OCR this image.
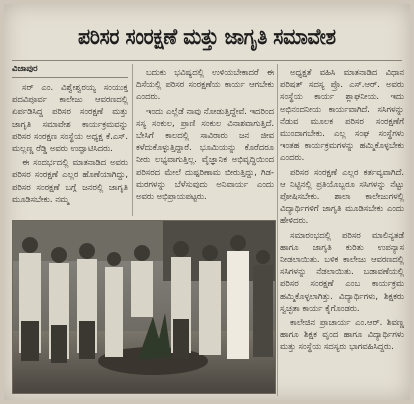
ಪರಿಸರ ಸಂರಕ್ಷಣೆ ಮತ್ತು ಜಾಗೃತಿ ಸಮಾವೇಶ
ವಿಜಾಪುರ

ಸರ್ ಎಂ. ವಿಶ್ವೇಶ್ವರಯ್ಯ ಸಂಯುಕ್ತ ಪದವಿಪೂರ್ವ ಕಾಲೇಜು ಆವರಣದಲ್ಲಿ ಏರ್ಪಡಿಸಿದ್ದ ಪರಿಸರ ಸಂರಕ್ಷಣೆ ಮತ್ತು ಜಾಗೃತಿ ಸಮಾವೇಶ ಕಾರ್ಯಕ್ರಮವನ್ನು ಪರಿಸರ ಸಂರಕ್ಷಣ ಸಂಸ್ಥೆಯ ಅಧ್ಯಕ್ಷ ಕೆ.ಎಸ್. ಮಲ್ಲಣ್ಣ ರೆಡ್ಡಿ ಅವರು ಉದ್ಘಾಟಿಸಿದರು.

ಈ ಸಂದರ್ಭದಲ್ಲಿ ಮಾತನಾಡಿದ ಅವರು ಪರಿಸರ ಸಂರಕ್ಷಣೆ ಎಲ್ಲರ ಹೊಣೆಯಾಗಿದ್ದು, ಪರಿಸರ ಸಂರಕ್ಷಣೆ ಬಗ್ಗೆ ಜನರಲ್ಲಿ ಜಾಗೃತಿ ಮೂಡಿಸಬೇಕು. ನಮ್ಮ

ಬದುಕು ಭವಿಷ್ಯದಲ್ಲಿ ಉಳಿಯಬೇಕಾದರೆ ಈ ದಿಸೆಯಲ್ಲಿ ಪರಿಸರ ಸಂರಕ್ಷಣೆಯ ಕಾರ್ಯ ಆಗಬೇಕು ಎಂದರು.

ಇಂದು ಎಲ್ಲೆಡೆ ನಾವು ನೋಡುತ್ತಿದ್ದೇವೆ. ಇದರಿಂದ ಸಸ್ಯ ಸಂಕುಲ, ಪ್ರಾಣಿ ಸಂಕುಲ ವಿನಾಶವಾಗುತ್ತಿದೆ. ಬೇಸಿಗೆ ಕಾಲದಲ್ಲಿ ಸಾವಿರಾರು ಜನ ಜೀವ ಕಳೆದುಕೊಳ್ಳುತ್ತಿದ್ದಾರೆ. ಭೂಮಿಯನ್ನು ಕೊರೆದರೂ ನೀರು ಲಭ್ಯವಾಗುತ್ತಿಲ್ಲ. ವೈಜ್ಞಾನಿಕ ಅಭಿವೃದ್ಧಿಯಿಂದ ಪರಿಸರದ ಮೇಲೆ ದುಷ್ಪರಿಣಾಮ ಬೀರುತ್ತಿದ್ದು, ಗಿಡ-ಮರಗಳನ್ನು ಬೆಳೆಸುವುದು ಅನಿವಾರ್ಯ ಎಂದು ಅವರು ಅಭಿಪ್ರಾಯಪಟ್ಟರು.

ಅಧ್ಯಕ್ಷತೆ ವಹಿಸಿ ಮಾತನಾಡಿದ ವಿಧಾನ ಪರಿಷತ್ ಸದಸ್ಯ ಪ್ರೊ. ಎಸ್.ಆರ್. ಅವರು ಸಂಸ್ಥೆಯ ಕಾರ್ಯ ಶ್ಲಾಘನೀಯ. ಇದು ಅಭಿನಂದನೀಯ ಕಾರ್ಯವಾಗಿದೆ. ಸಸಿಗಳನ್ನು ನೆಡುವ ಮೂಲಕ ಪರಿಸರ ಸಂರಕ್ಷಣೆಗೆ ಮುಂದಾಗಬೇಕು. ಎಲ್ಲ ಸಂಘ ಸಂಸ್ಥೆಗಳು ಇಂತಹ ಕಾರ್ಯಕ್ರಮಗಳನ್ನು ಹಮ್ಮಿಕೊಳ್ಳಬೇಕು ಎಂದರು.

ಪರಿಸರ ಸಂರಕ್ಷಣೆ ಎಲ್ಲರ ಕರ್ತವ್ಯವಾಗಿದೆ. ಆ ನಿಟ್ಟಿನಲ್ಲಿ ಪ್ರತಿಯೊಬ್ಬರೂ ಸಸಿಗಳನ್ನು ನೆಟ್ಟು ಪೋಷಿಸಬೇಕು. ಶಾಲಾ ಕಾಲೇಜುಗಳಲ್ಲಿ ವಿದ್ಯಾರ್ಥಿಗಳಿಗೆ ಜಾಗೃತಿ ಮೂಡಿಸಬೇಕು ಎಂದು ಹೇಳಿದರು.

ಸಮಾರಂಭದಲ್ಲಿ ಪರಿಸರ ಮಾಲಿನ್ಯತಡೆ ಹಾಗೂ ಜಾಗೃತಿ ಕುರಿತು ಉಪನ್ಯಾಸ ನೀಡಲಾಯಿತು. ಬಳಿಕ ಕಾಲೇಜು ಆವರಣದಲ್ಲಿ ಸಸಿಗಳನ್ನು ನೆಡಲಾಯಿತು. ಬಡಾವಣೆಯಲ್ಲಿ ಪರಿಸರ ಸಂರಕ್ಷಣೆ ಎಂಬ ಕಾರ್ಯಕ್ರಮ ಹಮ್ಮಿಕೊಳ್ಳಲಾಗಿತ್ತು. ವಿದ್ಯಾರ್ಥಿಗಳು, ಶಿಕ್ಷಕರು ಸ್ವಚ್ಛತಾ ಕಾರ್ಯ ಕೈಗೊಂಡರು.

ಕಾಲೇಜಿನ ಪ್ರಾಚಾರ್ಯ ಎಂ.ಆರ್. ಶಿವಣ್ಣ ಹಾಗೂ ಶಿಕ್ಷಕ ವೃಂದ ಹಾಗೂ ವಿದ್ಯಾರ್ಥಿಗಳು ಮತ್ತು ಸಂಸ್ಥೆಯ ಸದಸ್ಯರು ಭಾಗವಹಿಸಿದ್ದರು.
